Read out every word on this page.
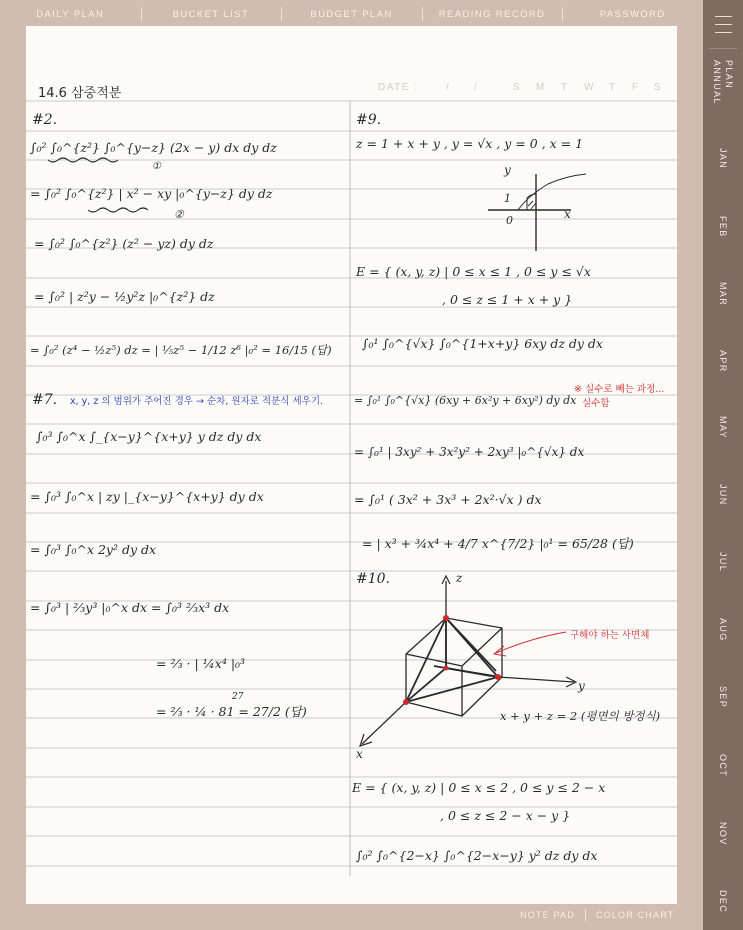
DAILY PLAN	BUCKET LIST	BUDGET PLAN	READING RECORD	PASSWORD
ANNUAL PLAN
JAN
FEB
MAR
APR
MAY
JUN
JUL
AUG
SEP
OCT
NOV
DEC
14.6 삼중적분	DATE :	/ /	S M T W T F S
#2.
∫₀² ∫₀^{z²} ∫₀^{y−z} (2x − y) dx dy dz
①
= ∫₀² ∫₀^{z²} | x² − xy |₀^{y−z} dy dz
②
= ∫₀² ∫₀^{z²} (z² − yz) dy dz
= ∫₀² | z²y − ½y²z |₀^{z²} dz
= ∫₀² (z⁴ − ½z⁵) dz = | ⅕z⁵ − 1/12 z⁶ |₀² = 16/15 (답)
#7. x, y, z 의 범위가 주어진 경우 → 순차, 원자로 적분식 세우기.
∫₀³ ∫₀^x ∫_{x−y}^{x+y} y dz dy dx
= ∫₀³ ∫₀^x | zy |_{x−y}^{x+y} dy dx
= ∫₀³ ∫₀^x 2y² dy dx
= ∫₀³ | ⅔y³ |₀^x dx = ∫₀³ ⅔x³ dx
= ⅔ · | ¼x⁴ |₀³
27
= ⅔ · ¼ · 81 = 27/2 (답)
#9.
z = 1 + x + y , y = √x , y = 0 , x = 1
y
x
1
0
E = { (x, y, z) | 0 ≤ x ≤ 1 , 0 ≤ y ≤ √x
, 0 ≤ z ≤ 1 + x + y }
∫₀¹ ∫₀^{√x} ∫₀^{1+x+y} 6xy dz dy dx
= ∫₀¹ ∫₀^{√x} (6xy + 6x²y + 6xy²) dy dx
※ 실수로 빼는 과정...
실수함
= ∫₀¹ | 3xy² + 3x²y² + 2xy³ |₀^{√x} dx
= ∫₀¹ ( 3x² + 3x³ + 2x²·√x ) dx
= | x³ + ¾x⁴ + 4/7 x^{7/2} |₀¹ = 65/28 (답)
#10.	z
y
x
구해야 하는 사면체
x + y + z = 2 (평면의 방정식)
E = { (x, y, z) | 0 ≤ x ≤ 2 , 0 ≤ y ≤ 2 − x
, 0 ≤ z ≤ 2 − x − y }
∫₀² ∫₀^{2−x} ∫₀^{2−x−y} y² dz dy dx
NOTE PAD COLOR CHART
